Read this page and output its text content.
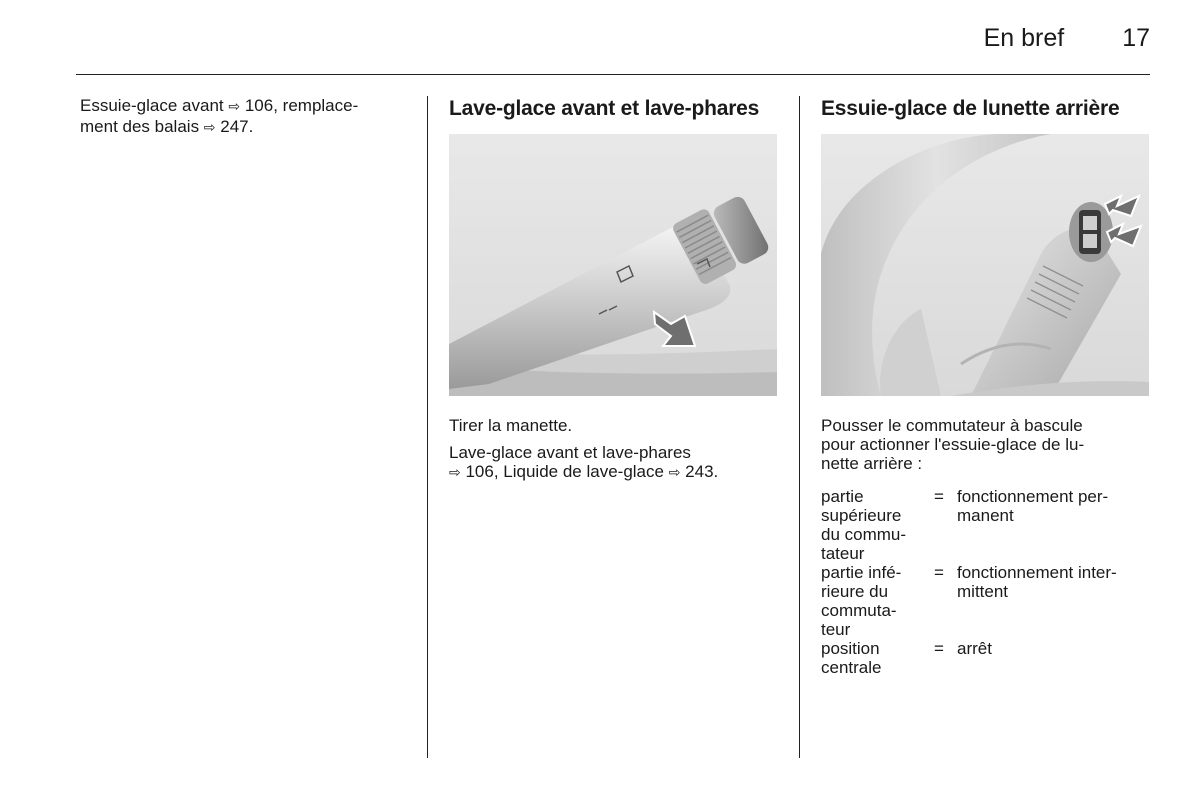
En bref 17

Essuie-glace avant ⇨ 106, remplace-
ment des balais ⇨ 247.

Lave-glace avant et lave-phares

Tirer la manette.

Lave-glace avant et lave-phares
⇨ 106, Liquide de lave-glace ⇨ 243.

Essuie-glace de lunette arrière

Pousser le commutateur à bascule
pour actionner l'essuie-glace de lu-
nette arrière :

partie
supérieure
du commu-
tateur	=	fonctionnement per-
manent
partie infé-
rieure du
commuta-
teur	=	fonctionnement inter-
mittent
position
centrale	=	arrêt
